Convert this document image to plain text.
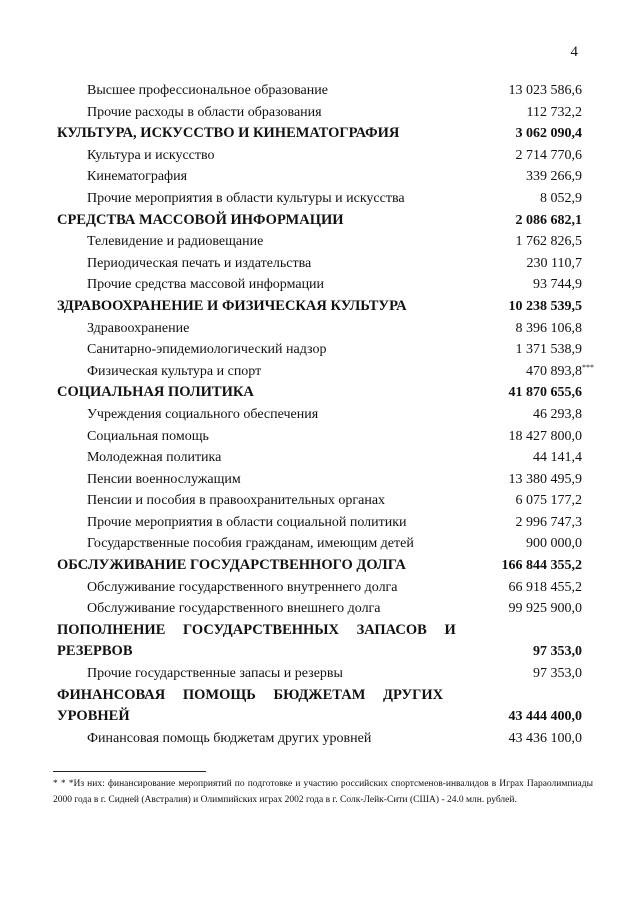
4
Высшее профессиональное образование	13 023 586,6
Прочие расходы в области образования	112 732,2
КУЛЬТУРА, ИСКУССТВО И КИНЕМАТОГРАФИЯ	3 062 090,4
Культура и искусство	2 714 770,6
Кинематография	339 266,9
Прочие мероприятия в области культуры и искусства	8 052,9
СРЕДСТВА МАССОВОЙ ИНФОРМАЦИИ	2 086 682,1
Телевидение и радиовещание	1 762 826,5
Периодическая печать и издательства	230 110,7
Прочие средства массовой информации	93 744,9
ЗДРАВООХРАНЕНИЕ И ФИЗИЧЕСКАЯ КУЛЬТУРА	10 238 539,5
Здравоохранение	8 396 106,8
Санитарно-эпидемиологический надзор	1 371 538,9
Физическая культура и спорт	470 893,8 ***
СОЦИАЛЬНАЯ ПОЛИТИКА	41 870 655,6
Учреждения социального обеспечения	46 293,8
Социальная помощь	18 427 800,0
Молодежная политика	44 141,4
Пенсии военнослужащим	13 380 495,9
Пенсии и пособия в правоохранительных органах	6 075 177,2
Прочие мероприятия в области социальной политики	2 996 747,3
Государственные пособия гражданам, имеющим детей	900 000,0
ОБСЛУЖИВАНИЕ ГОСУДАРСТВЕННОГО ДОЛГА	166 844 355,2
Обслуживание государственного внутреннего долга	66 918 455,2
Обслуживание государственного внешнего долга	99 925 900,0
ПОПОЛНЕНИЕ ГОСУДАРСТВЕННЫХ ЗАПАСОВ И
РЕЗЕРВОВ	97 353,0
Прочие государственные запасы и резервы	97 353,0
ФИНАНСОВАЯ ПОМОЩЬ БЮДЖЕТАМ ДРУГИХ
УРОВНЕЙ	43 444 400,0
Финансовая помощь бюджетам других уровней	43 436 100,0
* * *Из них: финансирование мероприятий по подготовке и участию российских спортсменов-инвалидов в Играх Параолимпиады 2000 года в г. Сидней (Австралия) и Олимпийских играх 2002 года в г. Солк-Лейк-Сити (США) - 24.0 млн. рублей.
